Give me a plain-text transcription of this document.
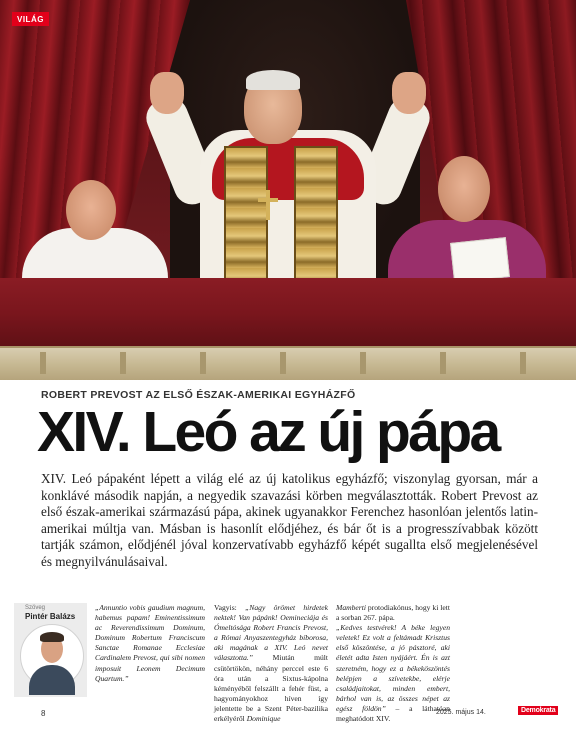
VILÁG
ROBERT PREVOST AZ ELSŐ ÉSZAK-AMERIKAI EGYHÁZFŐ
XIV. Leó az új pápa
XIV. Leó pápaként lépett a világ elé az új katolikus egyházfő; viszonylag gyorsan, már a konklávé második napján, a negyedik szavazási körben megválasztották. Robert Prevost az első észak-amerikai származású pápa, akinek ugyanakkor Ferenchez hasonlóan jelentős latin-amerikai múltja van. Másban is hasonlít elődjéhez, és bár őt is a progresszívabbak között tartják számon, elődjénél jóval konzervatívabb egyházfő képét sugallta első megjelenésével és megnyilvánulásaival.
Szöveg
Pintér Balázs
„Annuntio vobis gaudium magnum, habemus papam! Eminentissimum ac Reverendissimum Dominum, Dominum Robertum Franciscum Sanctae Romanae Ecclesiae Cardinalem Prevost, qui sibi nomen imposuit Leonem Decimum Quartum.”
Vagyis: „Nagy örömet hirdetek nektek! Van pápánk! Oemineciája és Ómeltósága Robert Francis Prevost, a Római Anyaszentegyház bíborosa, aki magának a XIV. Leó nevet választotta.” Miután múlt csütörtökön, néhány perccel este 6 óra után a Sixtus-kápolna kéményéből felszállt a fehér füst, a hagyományokhoz híven így jelentette be a Szent Péter-bazilika erkélyéről Dominique
Mamberti protodiakónus, hogy ki lett a sorban 267. pápa.
„Kedves testvérek! A béke legyen veletek! Ez volt a feltámadt Krisztus első köszöntése, a jó pásztoré, aki életét adta Isten nyájáért. Én is azt szeretném, hogy ez a békeköszöntés belépjen a szívetekbe, elérje családjaitokat, minden embert, bárhol van is, az összes népet az egész földön” – a láthatóan meghatódott XIV.
8	2025. május 14.	Demokrata
